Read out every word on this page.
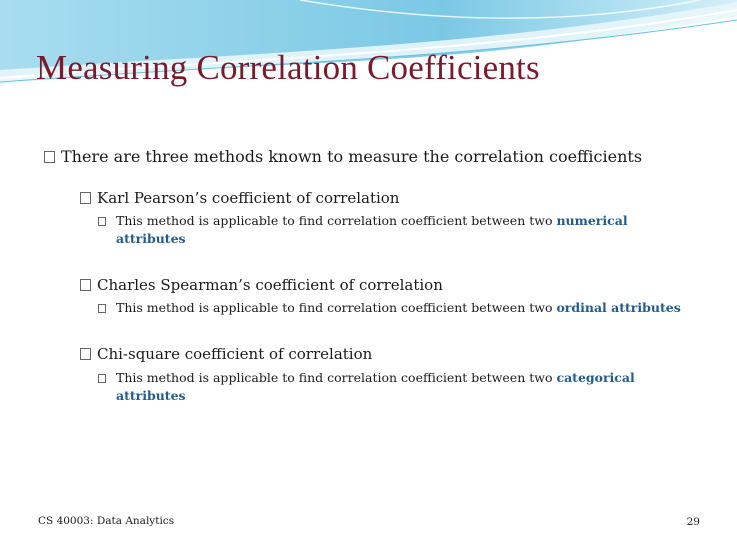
Measuring Correlation Coefficients
There are three methods known to measure the correlation coefficients
Karl Pearson’s coefficient of correlation
This method is applicable to find correlation coefficient between two numerical
attributes
Charles Spearman’s coefficient of correlation
This method is applicable to find correlation coefficient between two ordinal attributes
Chi-square coefficient of correlation
This method is applicable to find correlation coefficient between two categorical
attributes
CS 40003: Data Analytics	29
